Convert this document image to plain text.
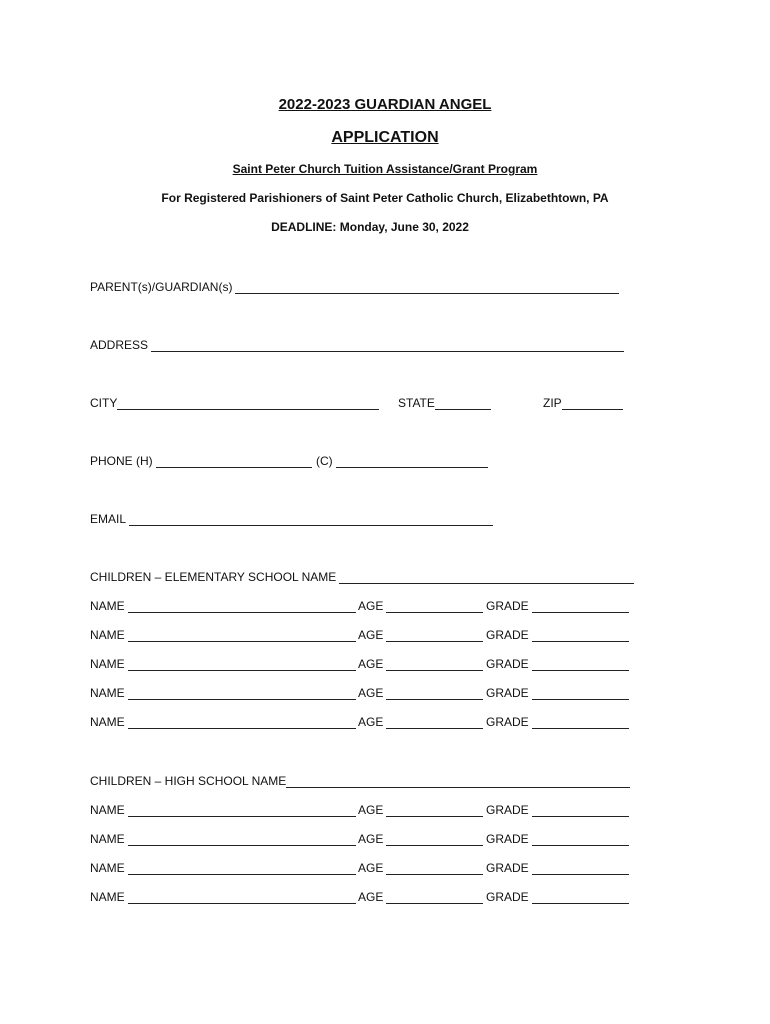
2022-2023 GUARDIAN ANGEL
APPLICATION
Saint Peter Church Tuition Assistance/Grant Program
For Registered Parishioners of Saint Peter Catholic Church, Elizabethtown, PA
DEADLINE: Monday, June 30, 2022
PARENT(s)/GUARDIAN(s)
ADDRESS
CITY	STATE	ZIP
PHONE (H)	(C)
EMAIL
CHILDREN – ELEMENTARY SCHOOL NAME
NAME	AGE	GRADE
NAME	AGE	GRADE
NAME	AGE	GRADE
NAME	AGE	GRADE
NAME	AGE	GRADE
CHILDREN – HIGH SCHOOL NAME
NAME	AGE	GRADE
NAME	AGE	GRADE
NAME	AGE	GRADE
NAME	AGE	GRADE
